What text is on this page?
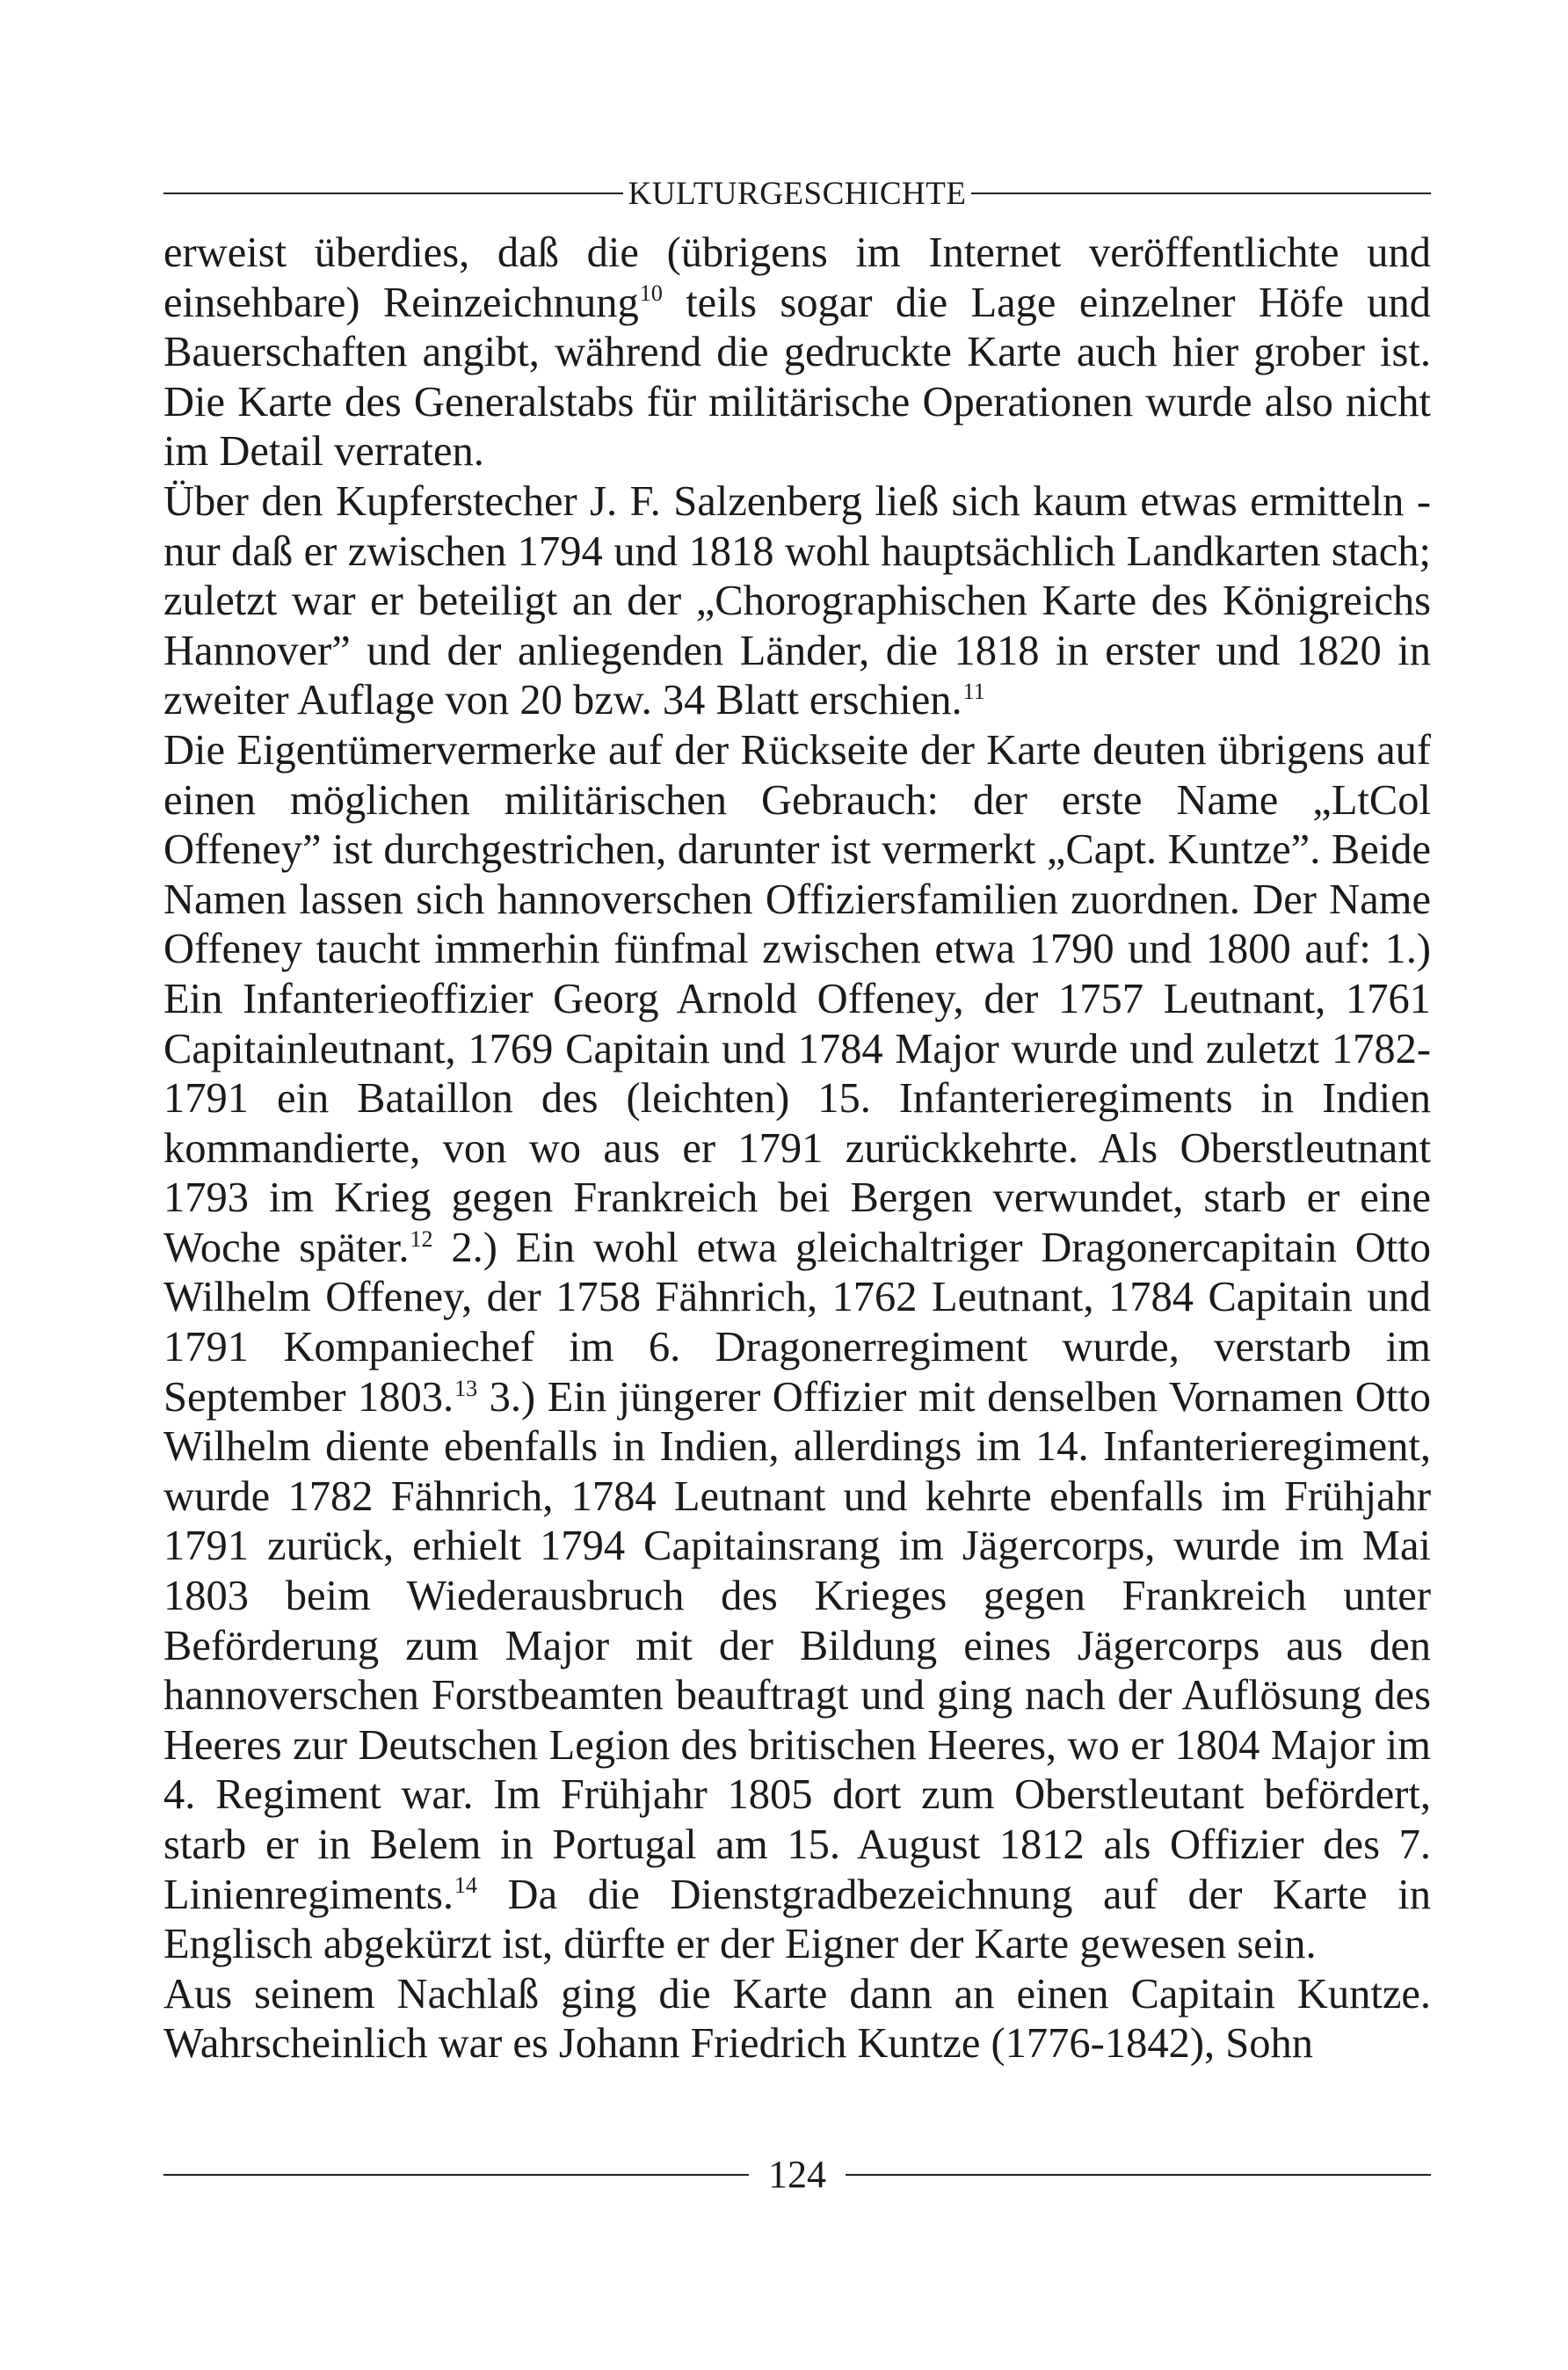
KULTURGESCHICHTE

erweist überdies, daß die (übrigens im Internet veröffentlichte und einsehbare) Reinzeichnung$^{10}$ teils sogar die Lage einzelner Höfe und Bauerschaften angibt, während die gedruckte Karte auch hier grober ist. Die Karte des Generalstabs für militärische Operationen wurde also nicht im Detail verraten.

Über den Kupferstecher J. F. Salzenberg ließ sich kaum etwas ermitteln - nur daß er zwischen 1794 und 1818 wohl hauptsächlich Landkarten stach; zuletzt war er beteiligt an der „Chorographischen Karte des Königreichs Hannover” und der anliegenden Länder, die 1818 in erster und 1820 in zweiter Auflage von 20 bzw. 34 Blatt erschien.$^{11}$

Die Eigentümervermerke auf der Rückseite der Karte deuten übrigens auf einen möglichen militärischen Gebrauch: der erste Name „LtCol Offeney” ist durchgestrichen, darunter ist vermerkt „Capt. Kuntze”. Beide Namen lassen sich hannoverschen Offiziersfamilien zuordnen. Der Name Offeney taucht immerhin fünfmal zwischen etwa 1790 und 1800 auf: 1.) Ein Infanterieoffizier Georg Arnold Offeney, der 1757 Leutnant, 1761 Capitainleutnant, 1769 Capitain und 1784 Major wurde und zuletzt 1782-1791 ein Bataillon des (leichten) 15. Infanterieregiments in Indien kommandierte, von wo aus er 1791 zurückkehrte. Als Oberstleutnant 1793 im Krieg gegen Frankreich bei Bergen verwundet, starb er eine Woche später.$^{12}$ 2.) Ein wohl etwa gleichaltriger Dragonercapitain Otto Wilhelm Offeney, der 1758 Fähnrich, 1762 Leutnant, 1784 Capitain und 1791 Kompaniechef im 6. Dragonerregiment wurde, verstarb im September 1803.13 3.) Ein jüngerer Offizier mit denselben Vornamen Otto Wilhelm diente ebenfalls in Indien, allerdings im 14. Infanterieregiment, wurde 1782 Fähnrich, 1784 Leutnant und kehrte ebenfalls im Frühjahr 1791 zurück, erhielt 1794 Capitainsrang im Jägercorps, wurde im Mai 1803 beim Wiederausbruch des Krieges gegen Frankreich unter Beförderung zum Major mit der Bildung eines Jägercorps aus den hannoverschen Forstbeamten beauftragt und ging nach der Auflösung des Heeres zur Deutschen Legion des britischen Heeres, wo er 1804 Major im 4. Regiment war. Im Frühjahr 1805 dort zum Oberstleutant befördert, starb er in Belem in Portugal am 15. August 1812 als Offizier des 7. Linienregiments.$^{14}$ Da die Dienstgradbezeichnung auf der Karte in Englisch abgekürzt ist, dürfte er der Eigner der Karte gewesen sein.

Aus seinem Nachlaß ging die Karte dann an einen Capitain Kuntze. Wahrscheinlich war es Johann Friedrich Kuntze (1776-1842), Sohn

124
